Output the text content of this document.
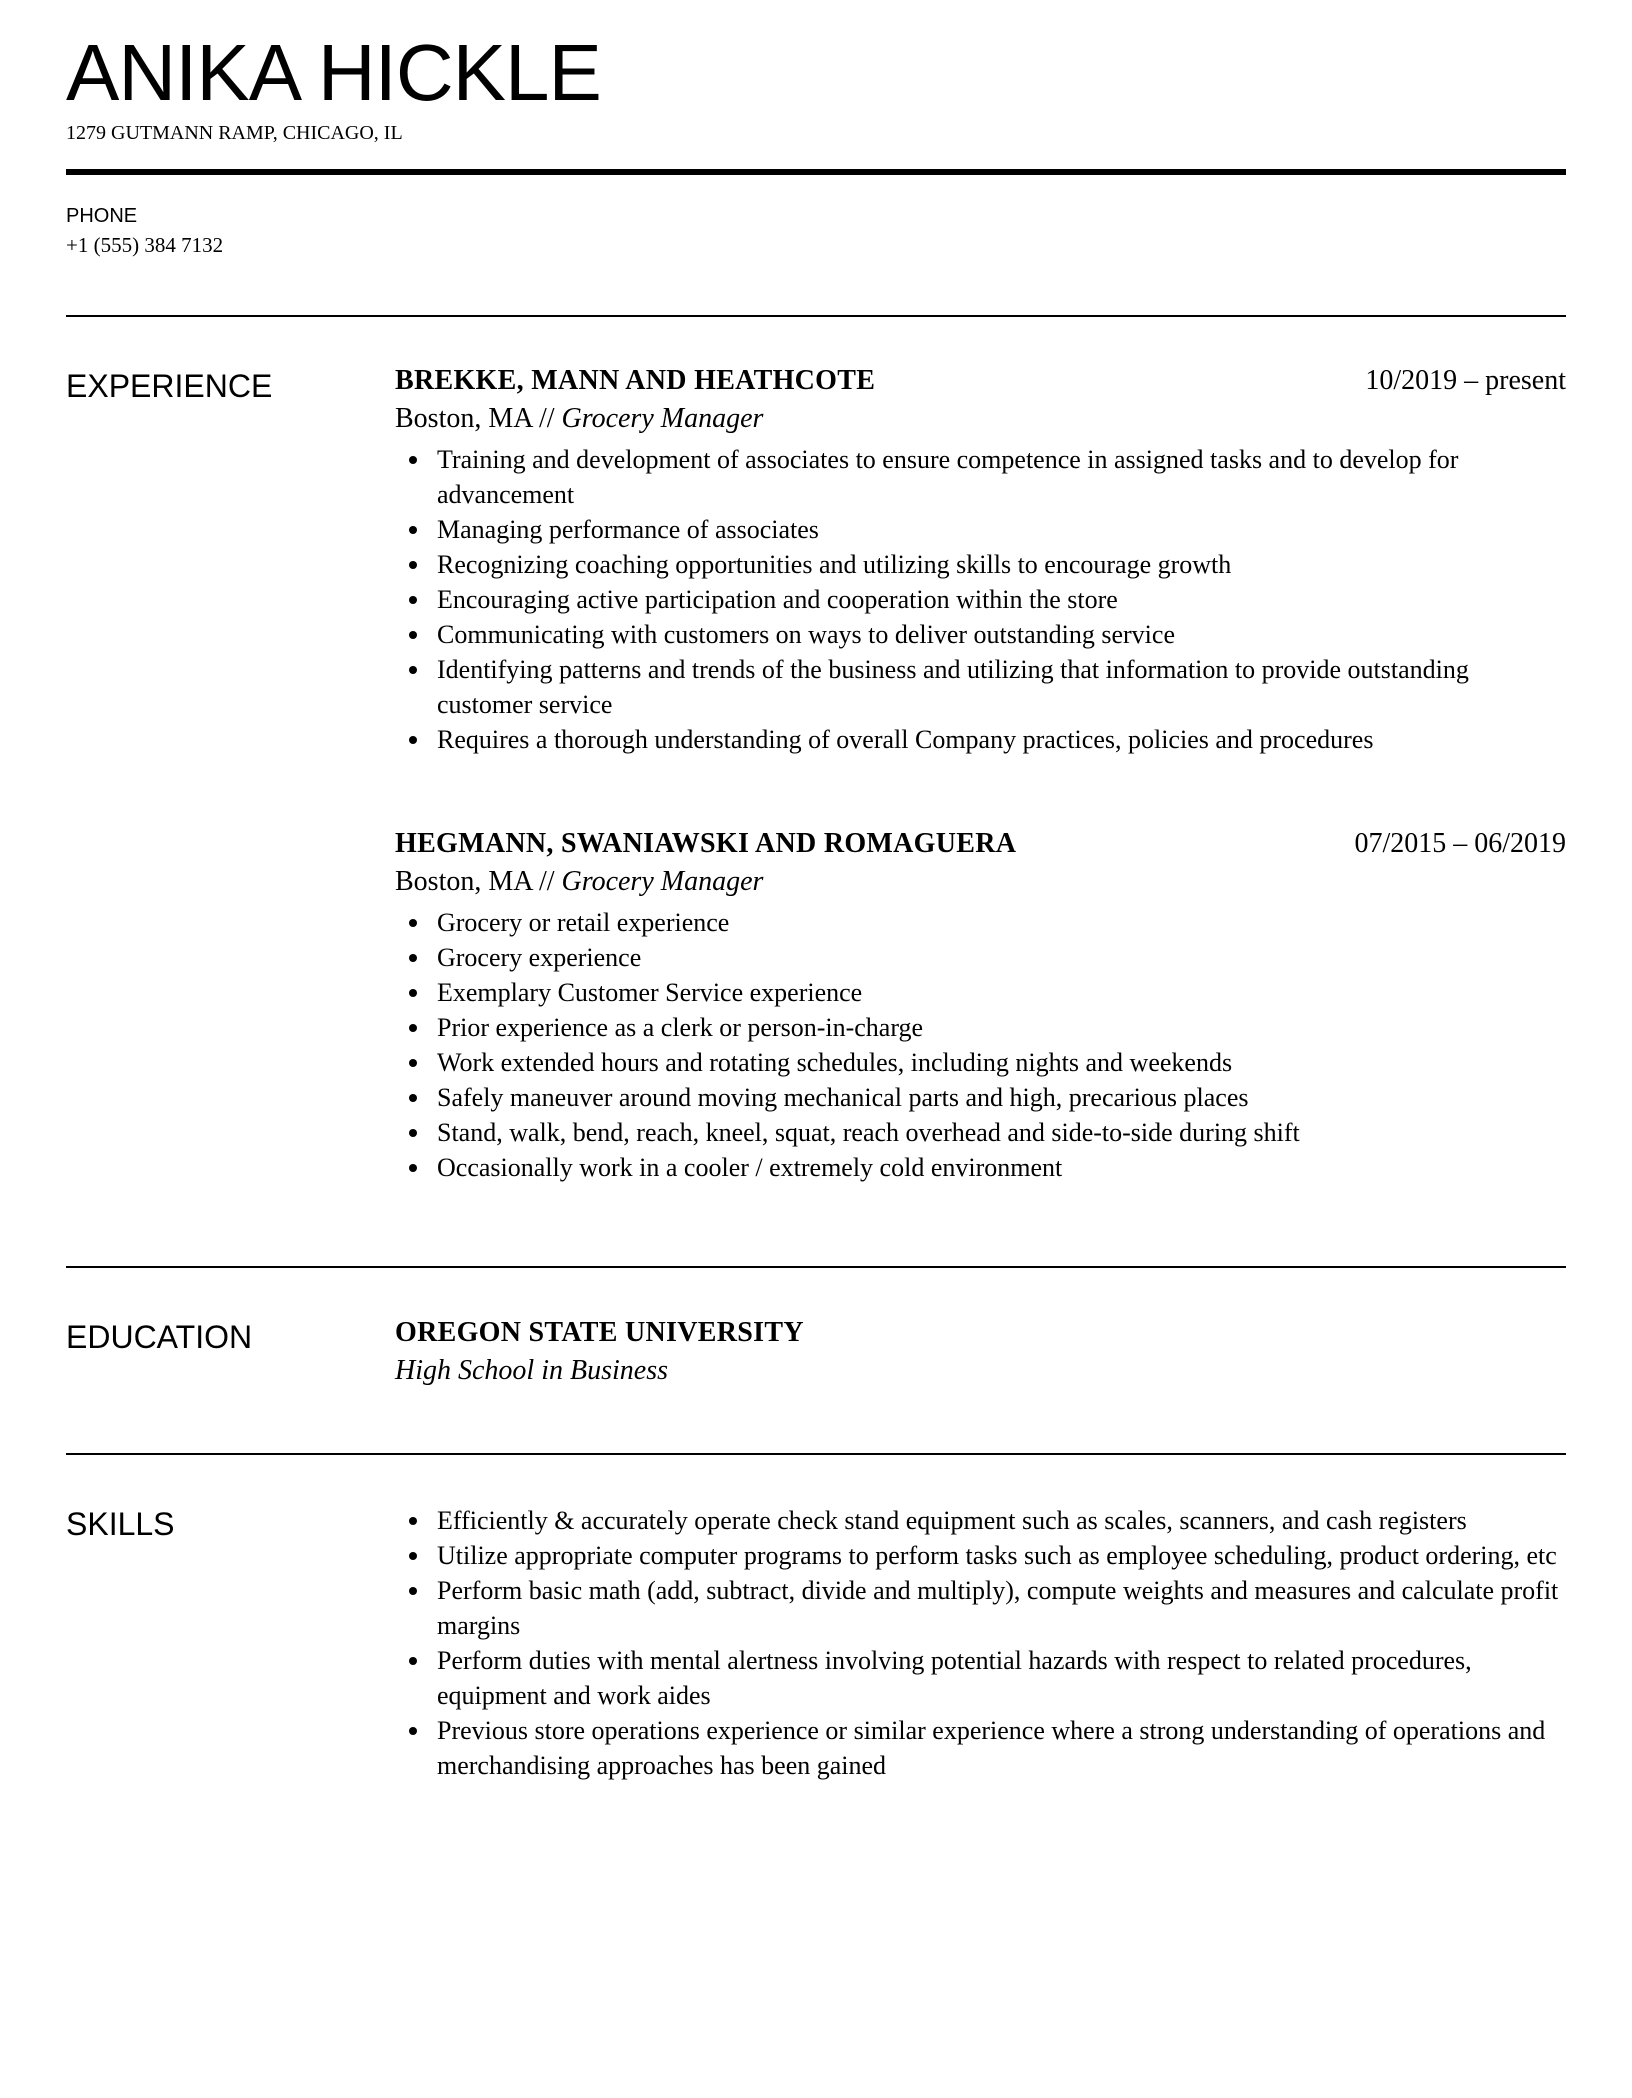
ANIKA HICKLE

1279 GUTMANN RAMP, CHICAGO, IL

PHONE
+1 (555) 384 7132
EXPERIENCE	BREKKE, MANN AND HEATHCOTE	10/2019 – present
Boston, MA // Grocery Manager
Training and development of associates to ensure competence in assigned tasks and to develop for advancement
Managing performance of associates
Recognizing coaching opportunities and utilizing skills to encourage growth
Encouraging active participation and cooperation within the store
Communicating with customers on ways to deliver outstanding service
Identifying patterns and trends of the business and utilizing that information to provide outstanding customer service
Requires a thorough understanding of overall Company practices, policies and procedures
HEGMANN, SWANIAWSKI AND ROMAGUERA	07/2015 – 06/2019
Boston, MA // Grocery Manager
Grocery or retail experience
Grocery experience
Exemplary Customer Service experience
Prior experience as a clerk or person-in-charge
Work extended hours and rotating schedules, including nights and weekends
Safely maneuver around moving mechanical parts and high, precarious places
Stand, walk, bend, reach, kneel, squat, reach overhead and side-to-side during shift
Occasionally work in a cooler / extremely cold environment
EDUCATION	OREGON STATE UNIVERSITY
High School in Business
SKILLS	Efficiently & accurately operate check stand equipment such as scales, scanners, and cash registers
Utilize appropriate computer programs to perform tasks such as employee scheduling, product ordering, etc
Perform basic math (add, subtract, divide and multiply), compute weights and measures and calculate profit margins
Perform duties with mental alertness involving potential hazards with respect to related procedures, equipment and work aides
Previous store operations experience or similar experience where a strong understanding of operations and merchandising approaches has been gained
